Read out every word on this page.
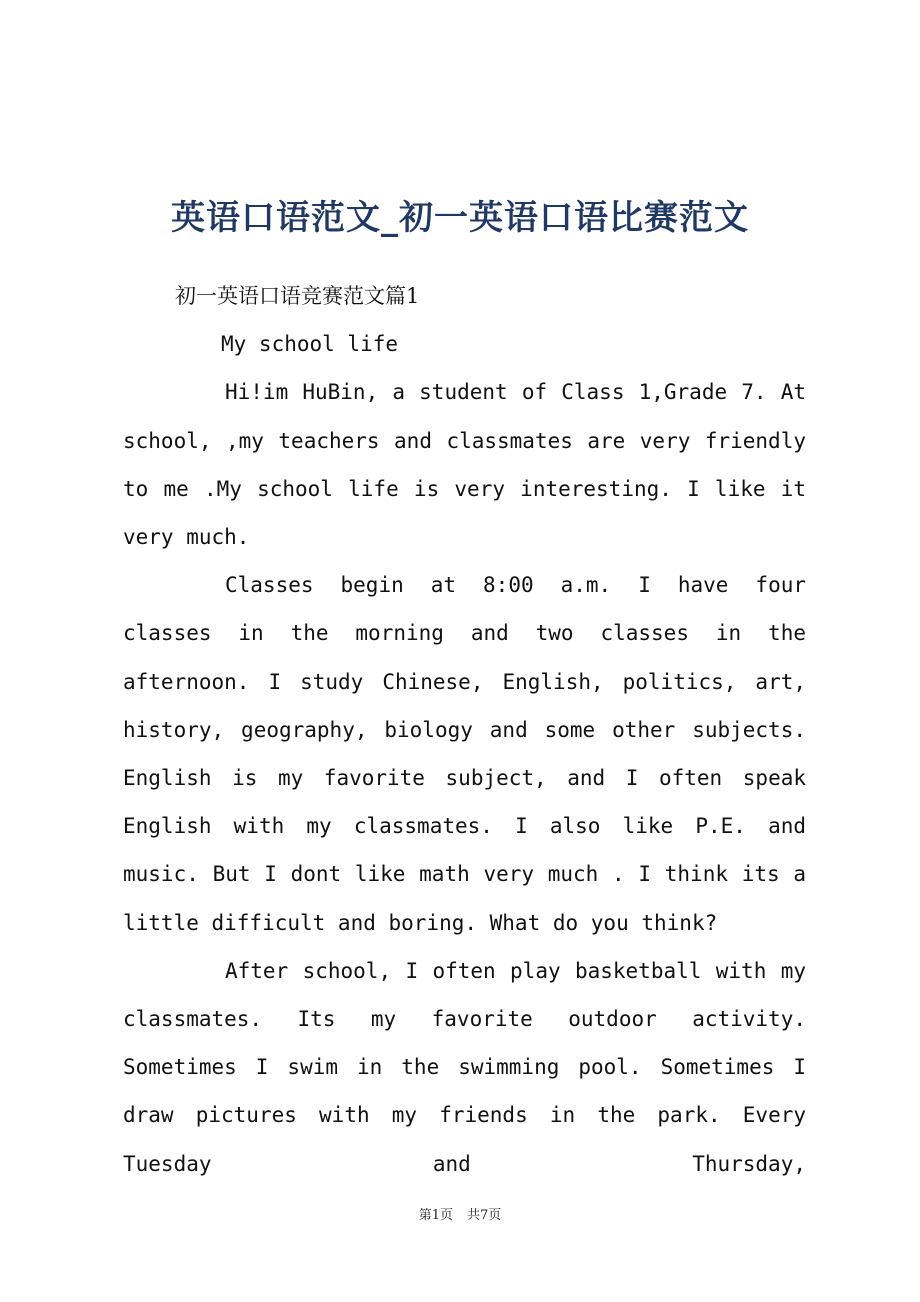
英语口语范文_初一英语口语比赛范文

初一英语口语竞赛范文篇1

My school life

Hi!im HuBin, a student of Class 1,Grade 7. At school, ,my teachers and classmates are very friendly to me .My school life is very interesting. I like it very much.

Classes begin at 8:00 a.m. I have four classes in the morning and two classes in the afternoon. I study Chinese, English, politics, art, history, geography, biology and some other subjects. English is my favorite subject, and I often speak English with my classmates. I also like P.E. and music. But I dont like math very much . I think its a little difficult and boring. What do you think?

After school, I often play basketball with my classmates. Its my favorite outdoor activity. Sometimes I swim in the swimming pool. Sometimes I draw pictures with my friends in the park. Every Tuesday and Thursday,

第1页 共7页
